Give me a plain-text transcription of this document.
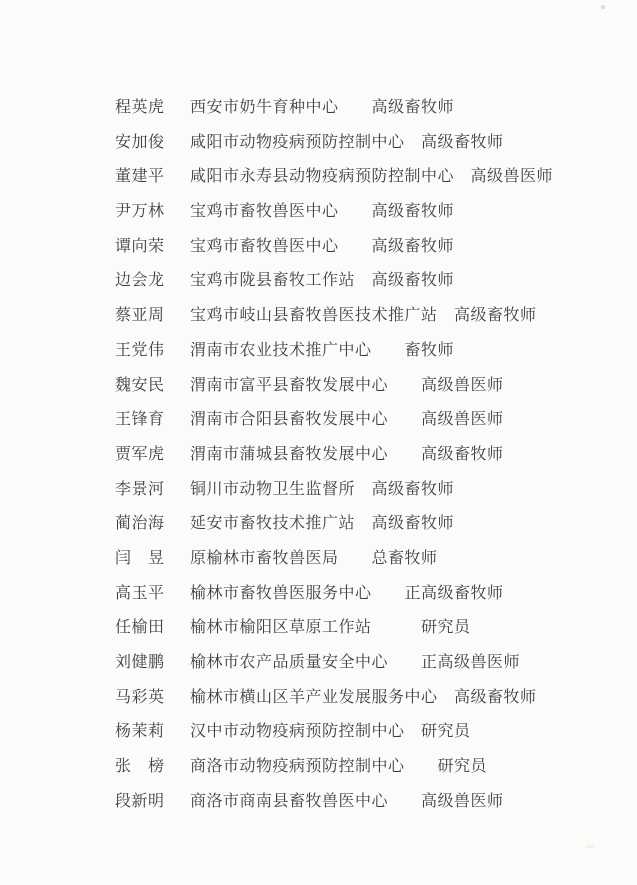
程英虎 西安市奶牛育种中心　　 高级畜牧师

安加俊 咸阳市动物疫病预防控制中心　 高级畜牧师

董建平 咸阳市永寿县动物疫病预防控制中心　 高级兽医师

尹万林 宝鸡市畜牧兽医中心　　 高级畜牧师

谭向荣 宝鸡市畜牧兽医中心　　 高级畜牧师

边会龙 宝鸡市陇县畜牧工作站　 高级畜牧师

蔡亚周 宝鸡市岐山县畜牧兽医技术推广站　 高级畜牧师

王党伟 渭南市农业技术推广中心　　 畜牧师

魏安民 渭南市富平县畜牧发展中心　　 高级兽医师

王锋育 渭南市合阳县畜牧发展中心　　 高级兽医师

贾军虎 渭南市蒲城县畜牧发展中心　　 高级畜牧师

李景河 铜川市动物卫生监督所　 高级畜牧师

蔺治海 延安市畜牧技术推广站　 高级畜牧师

闫　昱 原榆林市畜牧兽医局　　 总畜牧师

高玉平 榆林市畜牧兽医服务中心　　 正高级畜牧师

任榆田 榆林市榆阳区草原工作站　　　	研究员

刘健鹏 榆林市农产品质量安全中心　　 正高级兽医师

马彩英 榆林市横山区羊产业发展服务中心　 高级畜牧师

杨茉莉 汉中市动物疫病预防控制中心　 研究员

张　榜 商洛市动物疫病预防控制中心　　 研究员

段新明 商洛市商南县畜牧兽医中心　　 高级兽医师
